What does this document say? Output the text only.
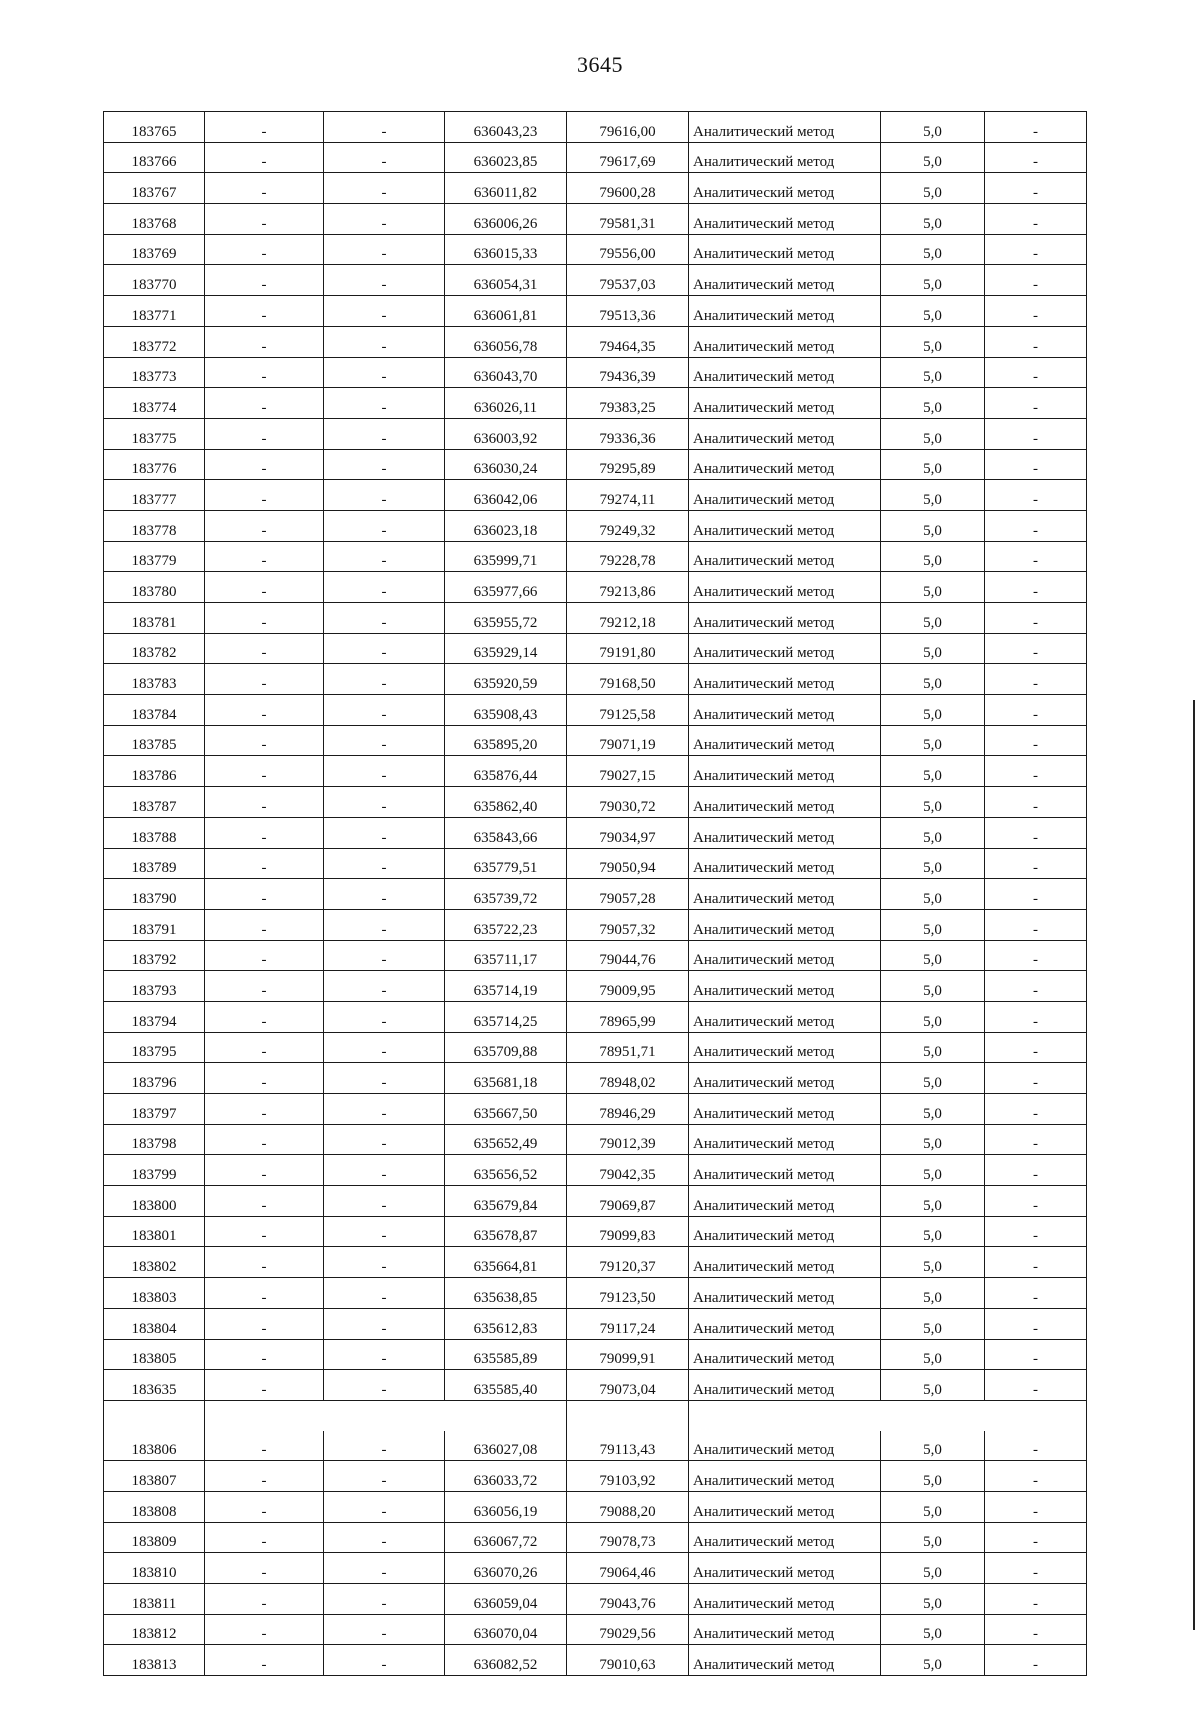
3645
183765	-	-	636043,23	79616,00	Аналитический метод	5,0	-
183766	-	-	636023,85	79617,69	Аналитический метод	5,0	-
183767	-	-	636011,82	79600,28	Аналитический метод	5,0	-
183768	-	-	636006,26	79581,31	Аналитический метод	5,0	-
183769	-	-	636015,33	79556,00	Аналитический метод	5,0	-
183770	-	-	636054,31	79537,03	Аналитический метод	5,0	-
183771	-	-	636061,81	79513,36	Аналитический метод	5,0	-
183772	-	-	636056,78	79464,35	Аналитический метод	5,0	-
183773	-	-	636043,70	79436,39	Аналитический метод	5,0	-
183774	-	-	636026,11	79383,25	Аналитический метод	5,0	-
183775	-	-	636003,92	79336,36	Аналитический метод	5,0	-
183776	-	-	636030,24	79295,89	Аналитический метод	5,0	-
183777	-	-	636042,06	79274,11	Аналитический метод	5,0	-
183778	-	-	636023,18	79249,32	Аналитический метод	5,0	-
183779	-	-	635999,71	79228,78	Аналитический метод	5,0	-
183780	-	-	635977,66	79213,86	Аналитический метод	5,0	-
183781	-	-	635955,72	79212,18	Аналитический метод	5,0	-
183782	-	-	635929,14	79191,80	Аналитический метод	5,0	-
183783	-	-	635920,59	79168,50	Аналитический метод	5,0	-
183784	-	-	635908,43	79125,58	Аналитический метод	5,0	-
183785	-	-	635895,20	79071,19	Аналитический метод	5,0	-
183786	-	-	635876,44	79027,15	Аналитический метод	5,0	-
183787	-	-	635862,40	79030,72	Аналитический метод	5,0	-
183788	-	-	635843,66	79034,97	Аналитический метод	5,0	-
183789	-	-	635779,51	79050,94	Аналитический метод	5,0	-
183790	-	-	635739,72	79057,28	Аналитический метод	5,0	-
183791	-	-	635722,23	79057,32	Аналитический метод	5,0	-
183792	-	-	635711,17	79044,76	Аналитический метод	5,0	-
183793	-	-	635714,19	79009,95	Аналитический метод	5,0	-
183794	-	-	635714,25	78965,99	Аналитический метод	5,0	-
183795	-	-	635709,88	78951,71	Аналитический метод	5,0	-
183796	-	-	635681,18	78948,02	Аналитический метод	5,0	-
183797	-	-	635667,50	78946,29	Аналитический метод	5,0	-
183798	-	-	635652,49	79012,39	Аналитический метод	5,0	-
183799	-	-	635656,52	79042,35	Аналитический метод	5,0	-
183800	-	-	635679,84	79069,87	Аналитический метод	5,0	-
183801	-	-	635678,87	79099,83	Аналитический метод	5,0	-
183802	-	-	635664,81	79120,37	Аналитический метод	5,0	-
183803	-	-	635638,85	79123,50	Аналитический метод	5,0	-
183804	-	-	635612,83	79117,24	Аналитический метод	5,0	-
183805	-	-	635585,89	79099,91	Аналитический метод	5,0	-
183635	-	-	635585,40	79073,04	Аналитический метод	5,0	-

183806	-	-	636027,08	79113,43	Аналитический метод	5,0	-
183807	-	-	636033,72	79103,92	Аналитический метод	5,0	-
183808	-	-	636056,19	79088,20	Аналитический метод	5,0	-
183809	-	-	636067,72	79078,73	Аналитический метод	5,0	-
183810	-	-	636070,26	79064,46	Аналитический метод	5,0	-
183811	-	-	636059,04	79043,76	Аналитический метод	5,0	-
183812	-	-	636070,04	79029,56	Аналитический метод	5,0	-
183813	-	-	636082,52	79010,63	Аналитический метод	5,0	-
